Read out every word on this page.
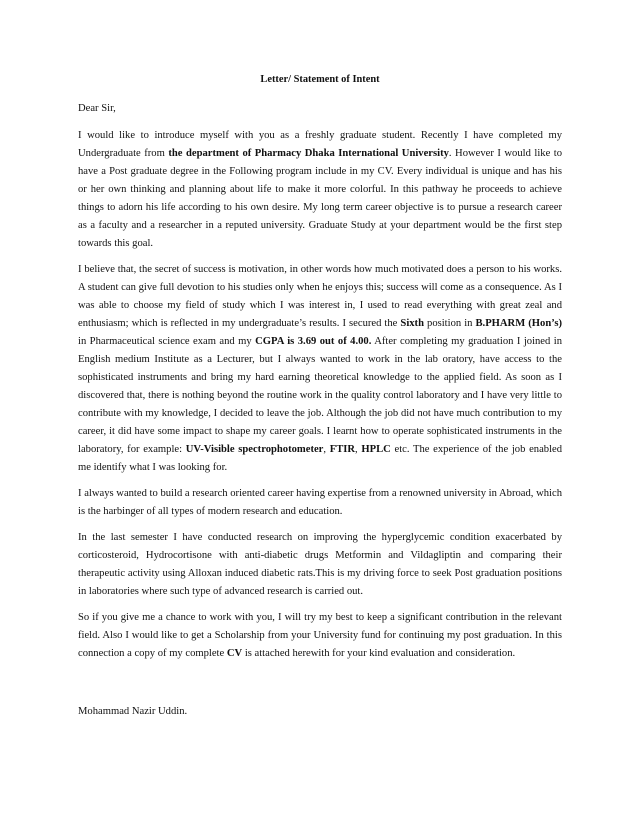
Letter/ Statement of Intent
Dear Sir,

I would like to introduce myself with you as a freshly graduate student. Recently I have completed my Undergraduate from the department of Pharmacy Dhaka International University. However I would like to have a Post graduate degree in the Following program include in my CV. Every individual is unique and has his or her own thinking and planning about life to make it more colorful. In this pathway he proceeds to achieve things to adorn his life according to his own desire. My long term career objective is to pursue a research career as a faculty and a researcher in a reputed university. Graduate Study at your department would be the first step towards this goal.

I believe that, the secret of success is motivation, in other words how much motivated does a person to his works. A student can give full devotion to his studies only when he enjoys this; success will come as a consequence. As I was able to choose my field of study which I was interest in, I used to read everything with great zeal and enthusiasm; which is reflected in my undergraduate’s results. I secured the Sixth position in B.PHARM (Hon’s) in Pharmaceutical science exam and my CGPA is 3.69 out of 4.00. After completing my graduation I joined in English medium Institute as a Lecturer, but I always wanted to work in the lab oratory, have access to the sophisticated instruments and bring my hard earning theoretical knowledge to the applied field. As soon as I discovered that, there is nothing beyond the routine work in the quality control laboratory and I have very little to contribute with my knowledge, I decided to leave the job. Although the job did not have much contribution to my career, it did have some impact to shape my career goals. I learnt how to operate sophisticated instruments in the laboratory, for example: UV-Visible spectrophotometer, FTIR, HPLC etc. The experience of the job enabled me identify what I was looking for.

I always wanted to build a research oriented career having expertise from a renowned university in Abroad, which is the harbinger of all types of modern research and education.

In the last semester I have conducted research on improving the hyperglycemic condition exacerbated by corticosteroid, Hydrocortisone with anti-diabetic drugs Metformin and Vildagliptin and comparing their therapeutic activity using Alloxan induced diabetic rats.This is my driving force to seek Post graduation positions in laboratories where such type of advanced research is carried out.

So if you give me a chance to work with you, I will try my best to keep a significant contribution in the relevant field. Also I would like to get a Scholarship from your University fund for continuing my post graduation. In this connection a copy of my complete CV is attached herewith for your kind evaluation and consideration.

Mohammad Nazir Uddin.
